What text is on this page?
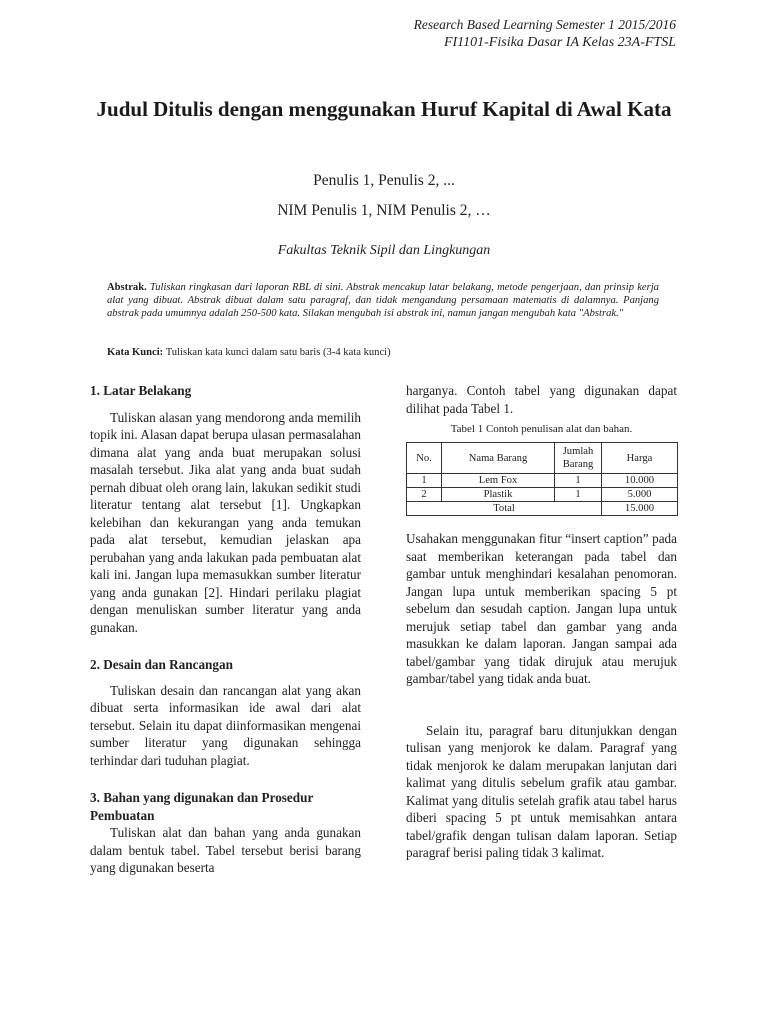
Research Based Learning Semester 1 2015/2016
FI1101-Fisika Dasar IA Kelas 23A-FTSL
Judul Ditulis dengan menggunakan Huruf Kapital di Awal Kata
Penulis 1, Penulis 2, ...
NIM Penulis 1, NIM Penulis 2, …
Fakultas Teknik Sipil dan Lingkungan
Abstrak. Tuliskan ringkasan dari laporan RBL di sini. Abstrak mencakup latar belakang, metode pengerjaan, dan prinsip kerja alat yang dibuat. Abstrak dibuat dalam satu paragraf, dan tidak mengandung persamaan matematis di dalamnya. Panjang abstrak pada umumnya adalah 250-500 kata. Silakan mengubah isi abstrak ini, namun jangan mengubah kata "Abstrak."
Kata Kunci: Tuliskan kata kunci dalam satu baris (3-4 kata kunci)
1. Latar Belakang

Tuliskan alasan yang mendorong anda memilih topik ini. Alasan dapat berupa ulasan permasalahan dimana alat yang anda buat merupakan solusi masalah tersebut. Jika alat yang anda buat sudah pernah dibuat oleh orang lain, lakukan sedikit studi literatur tentang alat tersebut [1]. Ungkapkan kelebihan dan kekurangan yang anda temukan pada alat tersebut, kemudian jelaskan apa perubahan yang anda lakukan pada pembuatan alat kali ini. Jangan lupa memasukkan sumber literatur yang anda gunakan [2]. Hindari perilaku plagiat dengan menuliskan sumber literatur yang anda gunakan.

2. Desain dan Rancangan

Tuliskan desain dan rancangan alat yang akan dibuat serta informasikan ide awal dari alat tersebut. Selain itu dapat diinformasikan mengenai sumber literatur yang digunakan sehingga terhindar dari tuduhan plagiat.

3. Bahan yang digunakan dan Prosedur Pembuatan

Tuliskan alat dan bahan yang anda gunakan dalam bentuk tabel. Tabel tersebut berisi barang yang digunakan beserta

harganya. Contoh tabel yang digunakan dapat dilihat pada Tabel 1.

Tabel 1 Contoh penulisan alat dan bahan.
No.	Nama Barang	Jumlah Barang	Harga
1	Lem Fox	1	10.000
2	Plastik	1	5.000
Total			15.000

Usahakan menggunakan fitur “insert caption” pada saat memberikan keterangan pada tabel dan gambar untuk menghindari kesalahan penomoran. Jangan lupa untuk memberikan spacing 5 pt sebelum dan sesudah caption. Jangan lupa untuk merujuk setiap tabel dan gambar yang anda masukkan ke dalam laporan. Jangan sampai ada tabel/gambar yang tidak dirujuk atau merujuk gambar/tabel yang tidak anda buat.

Selain itu, paragraf baru ditunjukkan dengan tulisan yang menjorok ke dalam. Paragraf yang tidak menjorok ke dalam merupakan lanjutan dari kalimat yang ditulis sebelum grafik atau gambar. Kalimat yang ditulis setelah grafik atau tabel harus diberi spacing 5 pt untuk memisahkan antara tabel/grafik dengan tulisan dalam laporan. Setiap paragraf berisi paling tidak 3 kalimat.
